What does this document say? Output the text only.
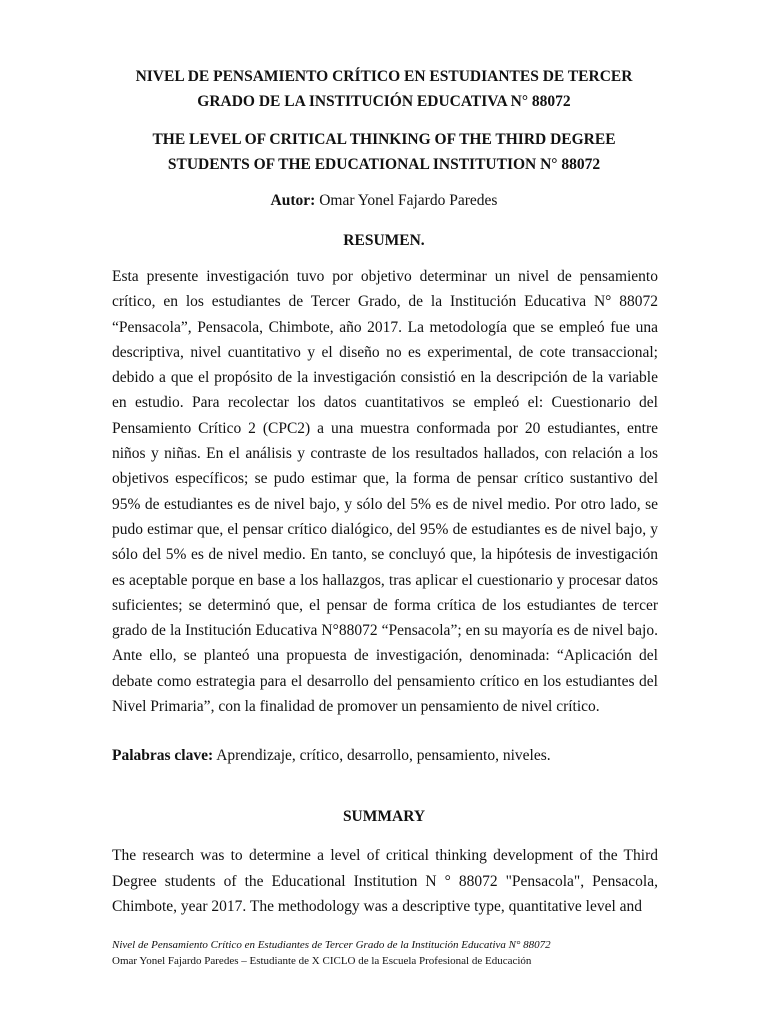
NIVEL DE PENSAMIENTO CRÍTICO EN ESTUDIANTES DE TERCER
GRADO DE LA INSTITUCIÓN EDUCATIVA N° 88072
THE LEVEL OF CRITICAL THINKING OF THE THIRD DEGREE
STUDENTS OF THE EDUCATIONAL INSTITUTION N° 88072

Autor: Omar Yonel Fajardo Paredes

RESUMEN.

Esta presente investigación tuvo por objetivo determinar un nivel de pensamiento crítico, en los estudiantes de Tercer Grado, de la Institución Educativa N° 88072 “Pensacola”, Pensacola, Chimbote, año 2017. La metodología que se empleó fue una descriptiva, nivel cuantitativo y el diseño no es experimental, de cote transaccional; debido a que el propósito de la investigación consistió en la descripción de la variable en estudio. Para recolectar los datos cuantitativos se empleó el: Cuestionario del Pensamiento Crítico 2 (CPC2) a una muestra conformada por 20 estudiantes, entre niños y niñas. En el análisis y contraste de los resultados hallados, con relación a los objetivos específicos; se pudo estimar que, la forma de pensar crítico sustantivo del 95% de estudiantes es de nivel bajo, y sólo del 5% es de nivel medio. Por otro lado, se pudo estimar que, el pensar crítico dialógico, del 95% de estudiantes es de nivel bajo, y sólo del 5% es de nivel medio. En tanto, se concluyó que, la hipótesis de investigación es aceptable porque en base a los hallazgos, tras aplicar el cuestionario y procesar datos suficientes; se determinó que, el pensar de forma crítica de los estudiantes de tercer grado de la Institución Educativa N°88072 “Pensacola”; en su mayoría es de nivel bajo. Ante ello, se planteó una propuesta de investigación, denominada: “Aplicación del debate como estrategia para el desarrollo del pensamiento crítico en los estudiantes del Nivel Primaria”, con la finalidad de promover un pensamiento de nivel crítico.

Palabras clave: Aprendizaje, crítico, desarrollo, pensamiento, niveles.

SUMMARY

The research was to determine a level of critical thinking development of the Third Degree students of the Educational Institution N ° 88072 "Pensacola", Pensacola, Chimbote, year 2017. The methodology was a descriptive type, quantitative level and

Nivel de Pensamiento Crítico en Estudiantes de Tercer Grado de la Institución Educativa N° 88072
Omar Yonel Fajardo Paredes – Estudiante de X CICLO de la Escuela Profesional de Educación
